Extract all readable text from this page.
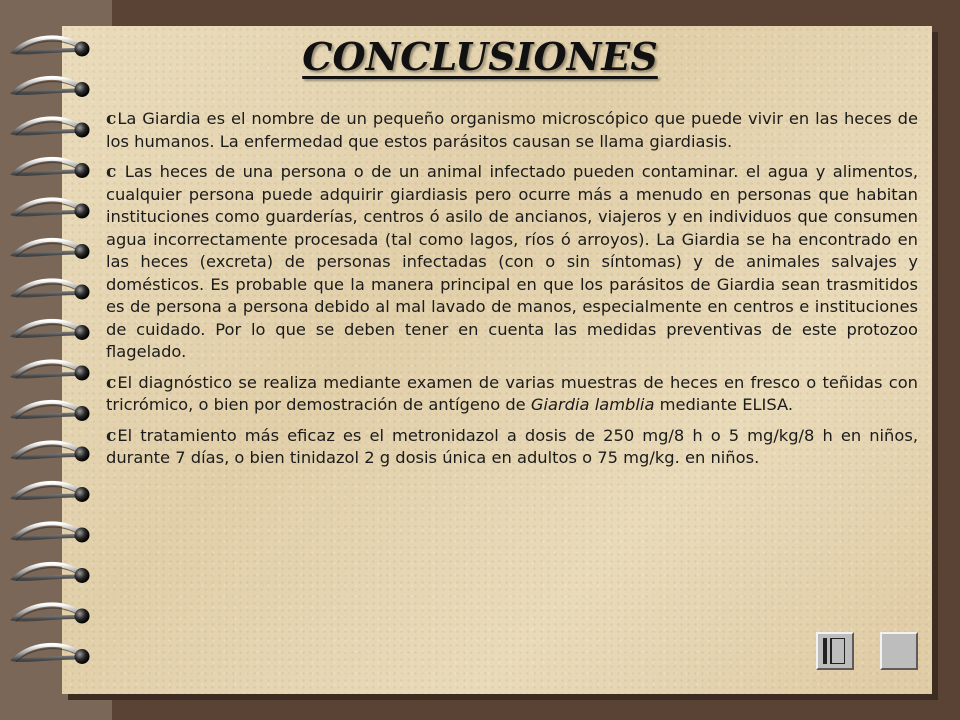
CONCLUSIONES

cLa Giardia es el nombre de un pequeño organismo microscópico que puede vivir en las heces de los humanos. La enfermedad que estos parásitos causan se llama giardiasis.

c Las heces de una persona o de un animal infectado pueden contaminar. el agua y alimentos, cualquier persona puede adquirir giardiasis pero ocurre más a menudo en personas que habitan instituciones como guarderías, centros ó asilo de ancianos, viajeros y en individuos que consumen agua incorrectamente procesada (tal como lagos, ríos ó arroyos). La Giardia se ha encontrado en las heces (excreta) de personas infectadas (con o sin síntomas) y de animales salvajes y domésticos. Es probable que la manera principal en que los parásitos de Giardia sean trasmitidos es de persona a persona debido al mal lavado de manos, especialmente en centros e instituciones de cuidado. Por lo que se deben tener en cuenta las medidas preventivas de este protozoo flagelado.

cEl diagnóstico se realiza mediante examen de varias muestras de heces en fresco o teñidas con tricrómico, o bien por demostración de antígeno de Giardia lamblia mediante ELISA.

cEl tratamiento más eficaz es el metronidazol a dosis de 250 mg/8 h o 5 mg/kg/8 h en niños, durante 7 días, o bien tinidazol 2 g dosis única en adultos o 75 mg/kg. en niños.
